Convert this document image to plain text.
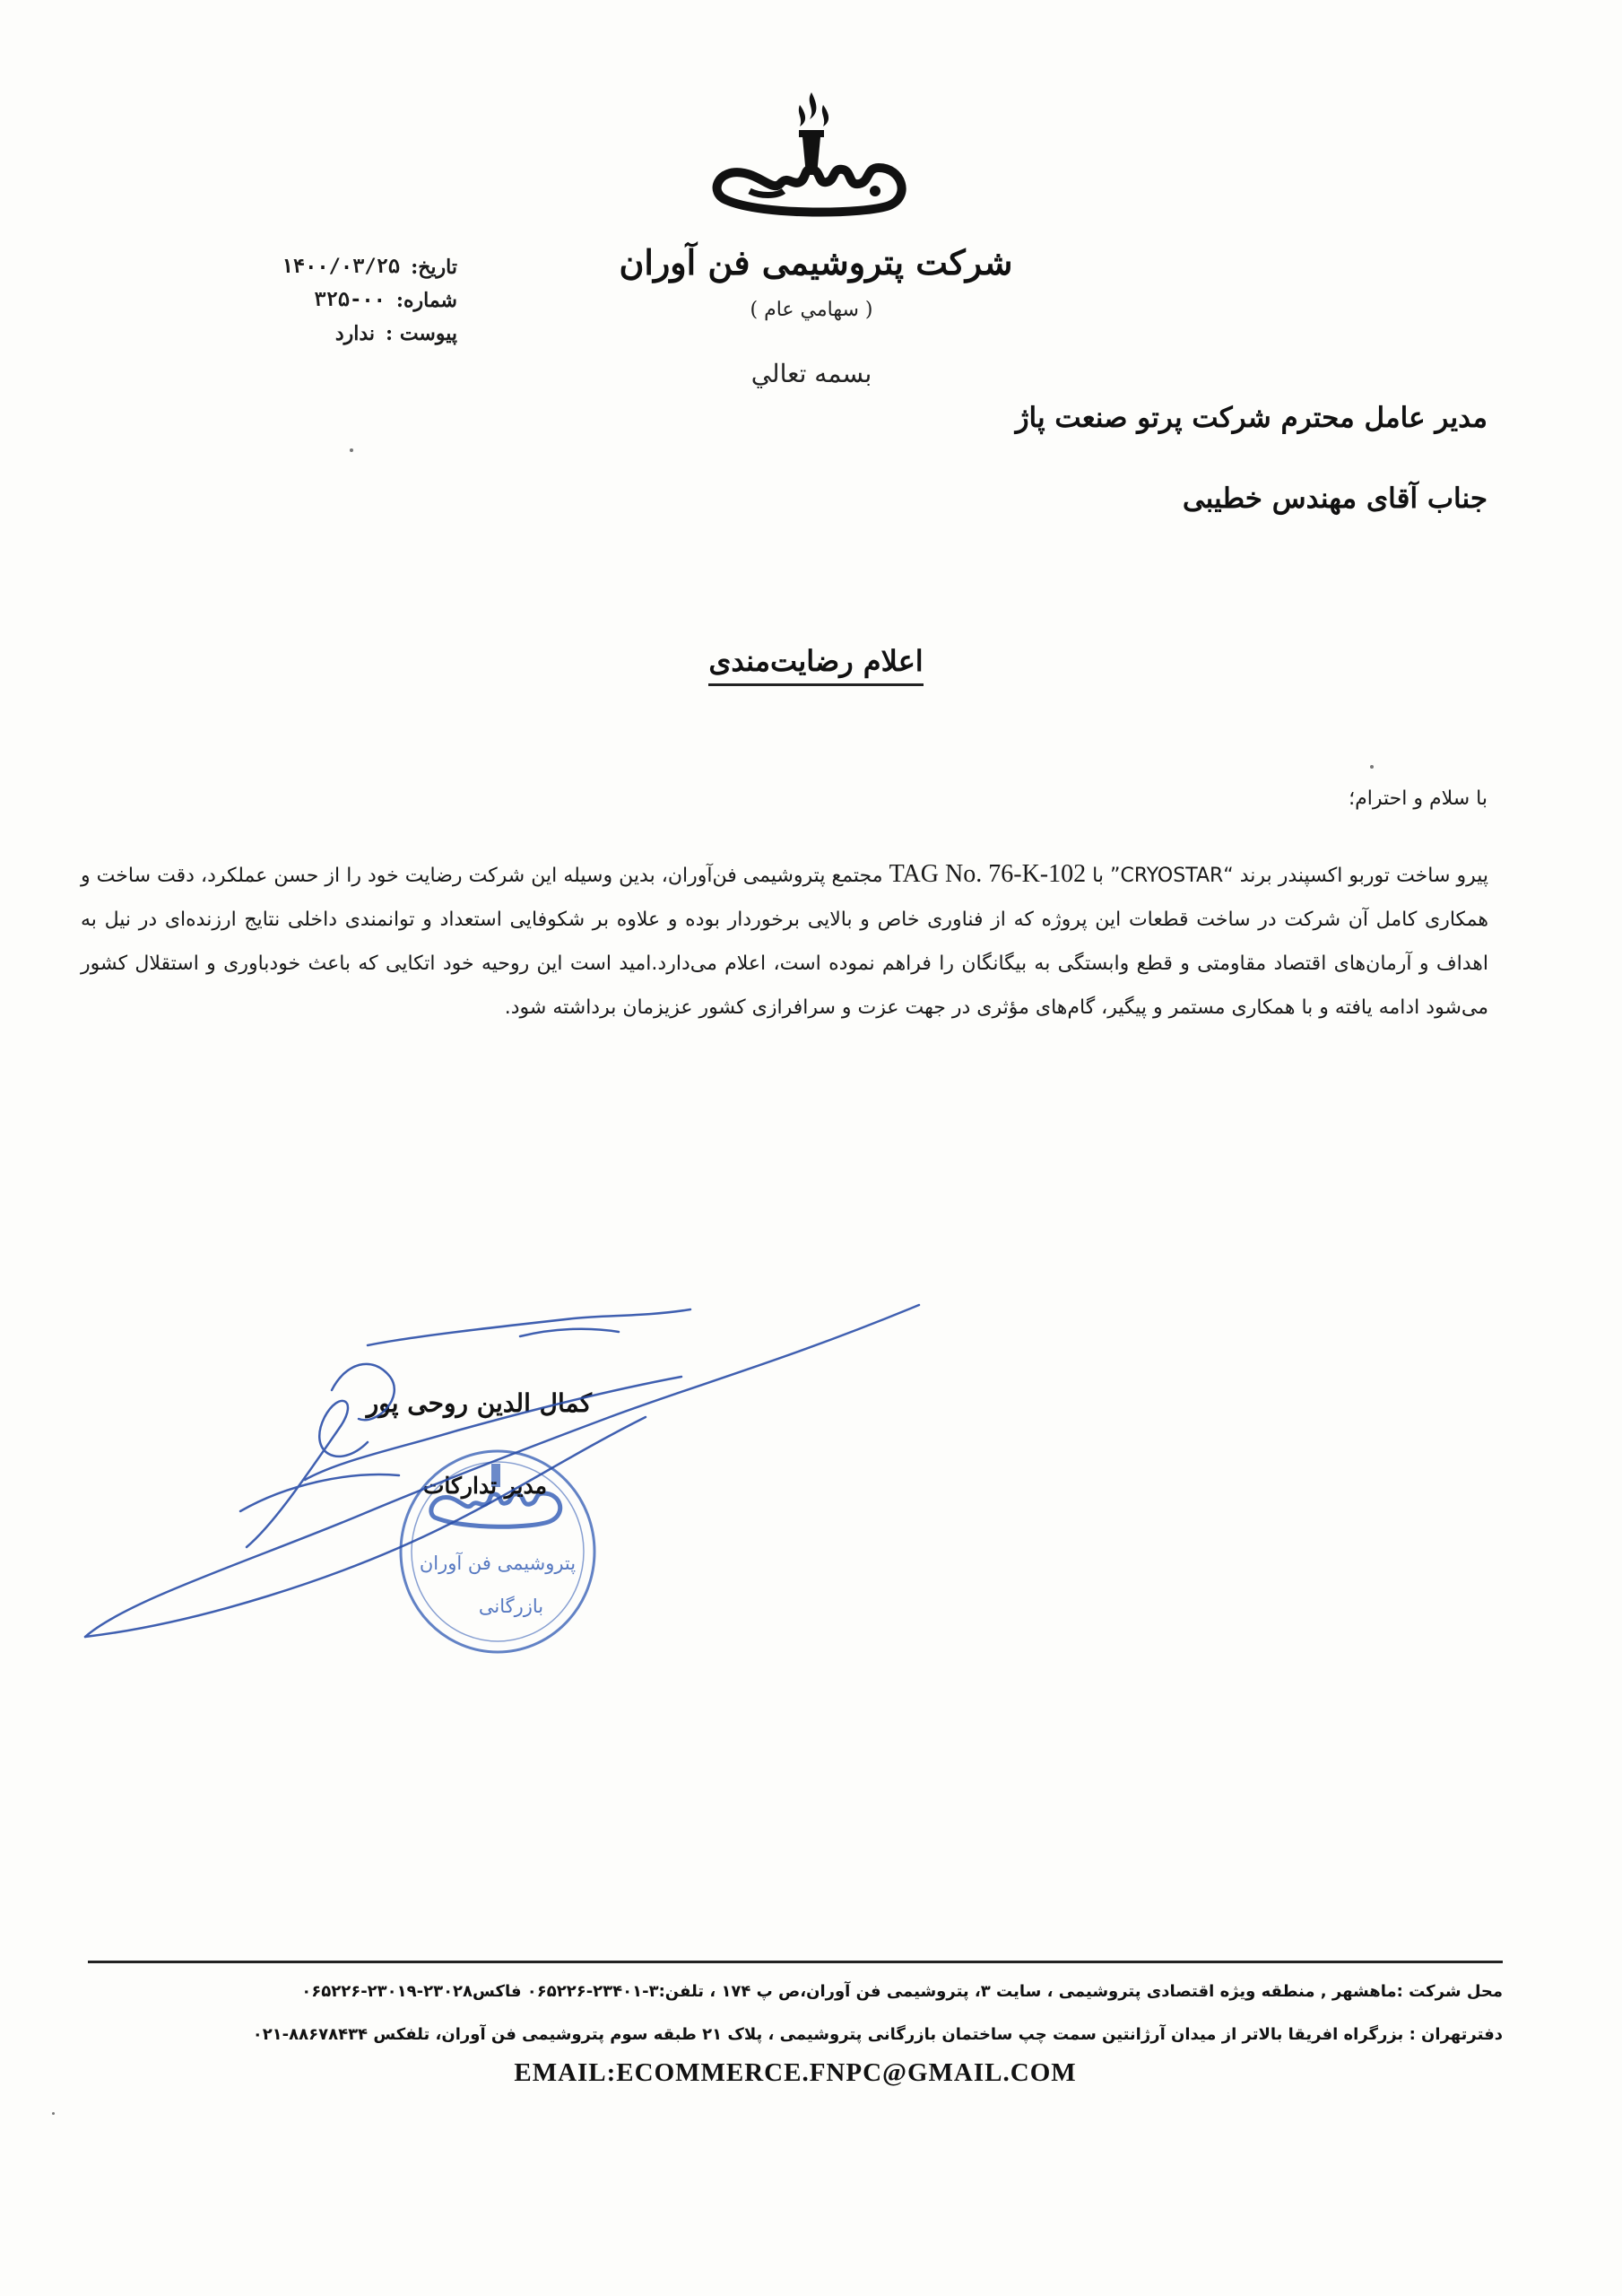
شرکت پتروشیمی فن آوران
( سهامي عام )
بسمه تعالي
تاريخ:
۱۴۰۰/۰۳/۲۵
شماره:
۳۲۵-۰۰
پيوست :
ندارد
مدیر عامل محترم شرکت پرتو صنعت پاژ
جناب آقای مهندس خطیبی
اعلام رضایت‌مندی
با سلام و احترام؛
پیرو ساخت توربو اکسپندر برند “CRYOSTAR” با TAG No. 76-K-102 مجتمع پتروشیمی فن‌آوران، بدین وسیله این شرکت رضایت خود را از حسن عملکرد، دقت ساخت و همکاری کامل آن شرکت در ساخت قطعات این پروژه که از فناوری خاص و بالایی برخوردار بوده و علاوه بر شکوفایی استعداد و توانمندی داخلی نتایج ارزنده‌ای در نیل به اهداف و آرمان‌های اقتصاد مقاومتی و قطع وابستگی به بیگانگان را فراهم نموده است، اعلام می‌دارد.امید است این روحیه خود اتکایی که باعث خودباوری و استقلال کشور می‌شود ادامه یافته و با همکاری مستمر و پیگیر، گام‌های مؤثری در جهت عزت و سرافرازی کشور عزیزمان برداشته شود.
پتروشیمی فن آوران
بازرگانی
کمال الدین روحی پور
مدیر تدارکات
محل شرکت :ماهشهر , منطقه ویژه اقتصادی پتروشیمی ، سایت ۳، پتروشیمی فن آوران،ص پ ۱۷۴ ، تلفن:۳-۲۳۴۰۱-۰۶۵۲۲۶ فاکس۲۳۰۲۸-۲۳۰۱۹-۰۶۵۲۲۶
دفترتهران : بزرگراه افریقا بالاتر از میدان آرژانتین سمت چپ ساختمان بازرگانی پتروشیمی ، پلاک ۲۱ طبقه سوم پتروشیمی فن آوران، تلفکس ۸۸۶۷۸۴۳۴-۰۲۱
EMAIL:ECOMMERCE.FNPC@GMAIL.COM
